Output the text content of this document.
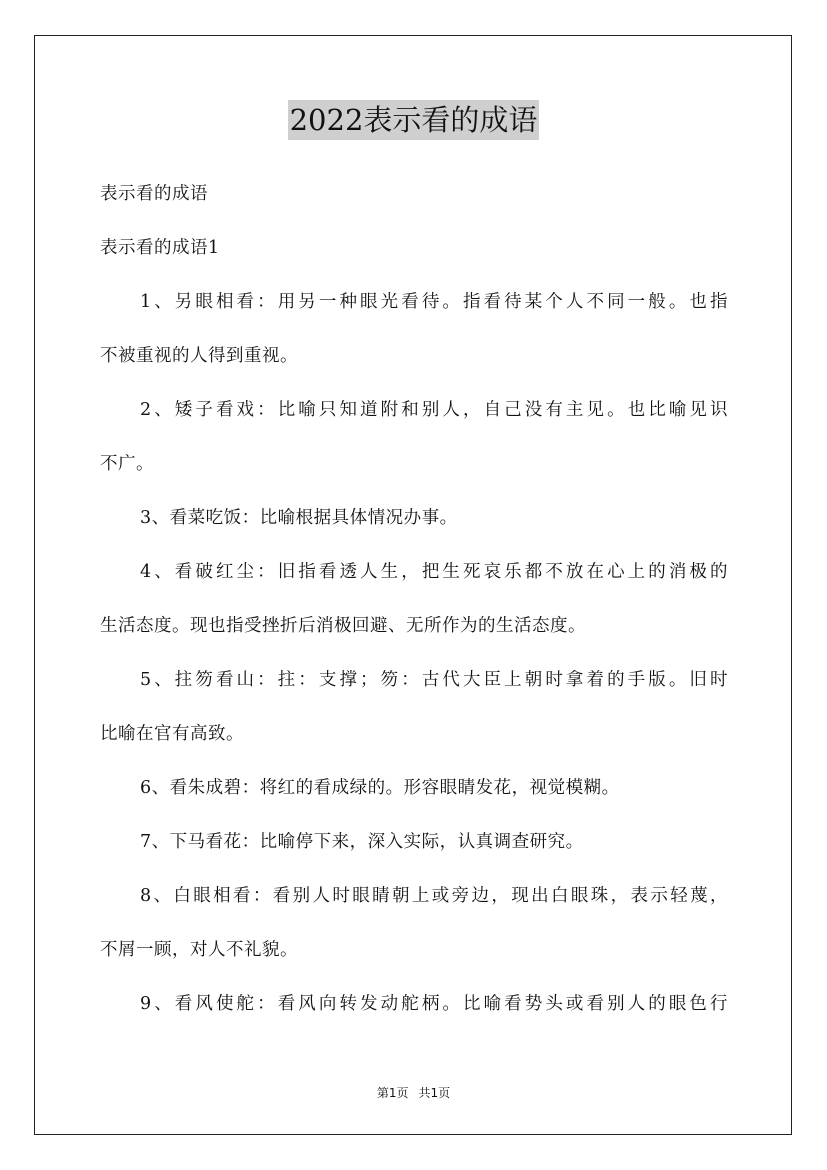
2022表示看的成语
表示看的成语
表示看的成语1
1、另眼相看：用另一种眼光看待。指看待某个人不同一般。也指
不被重视的人得到重视。
2、矮子看戏：比喻只知道附和别人，自己没有主见。也比喻见识
不广。
3、看菜吃饭：比喻根据具体情况办事。
4、看破红尘：旧指看透人生，把生死哀乐都不放在心上的消极的
生活态度。现也指受挫折后消极回避、无所作为的生活态度。
5、拄笏看山：拄：支撑；笏：古代大臣上朝时拿着的手版。旧时
比喻在官有高致。
6、看朱成碧：将红的看成绿的。形容眼睛发花，视觉模糊。
7、下马看花：比喻停下来，深入实际，认真调查研究。
8、白眼相看：看别人时眼睛朝上或旁边，现出白眼珠，表示轻蔑，
不屑一顾，对人不礼貌。
9、看风使舵：看风向转发动舵柄。比喻看势头或看别人的眼色行
第1页 共1页
